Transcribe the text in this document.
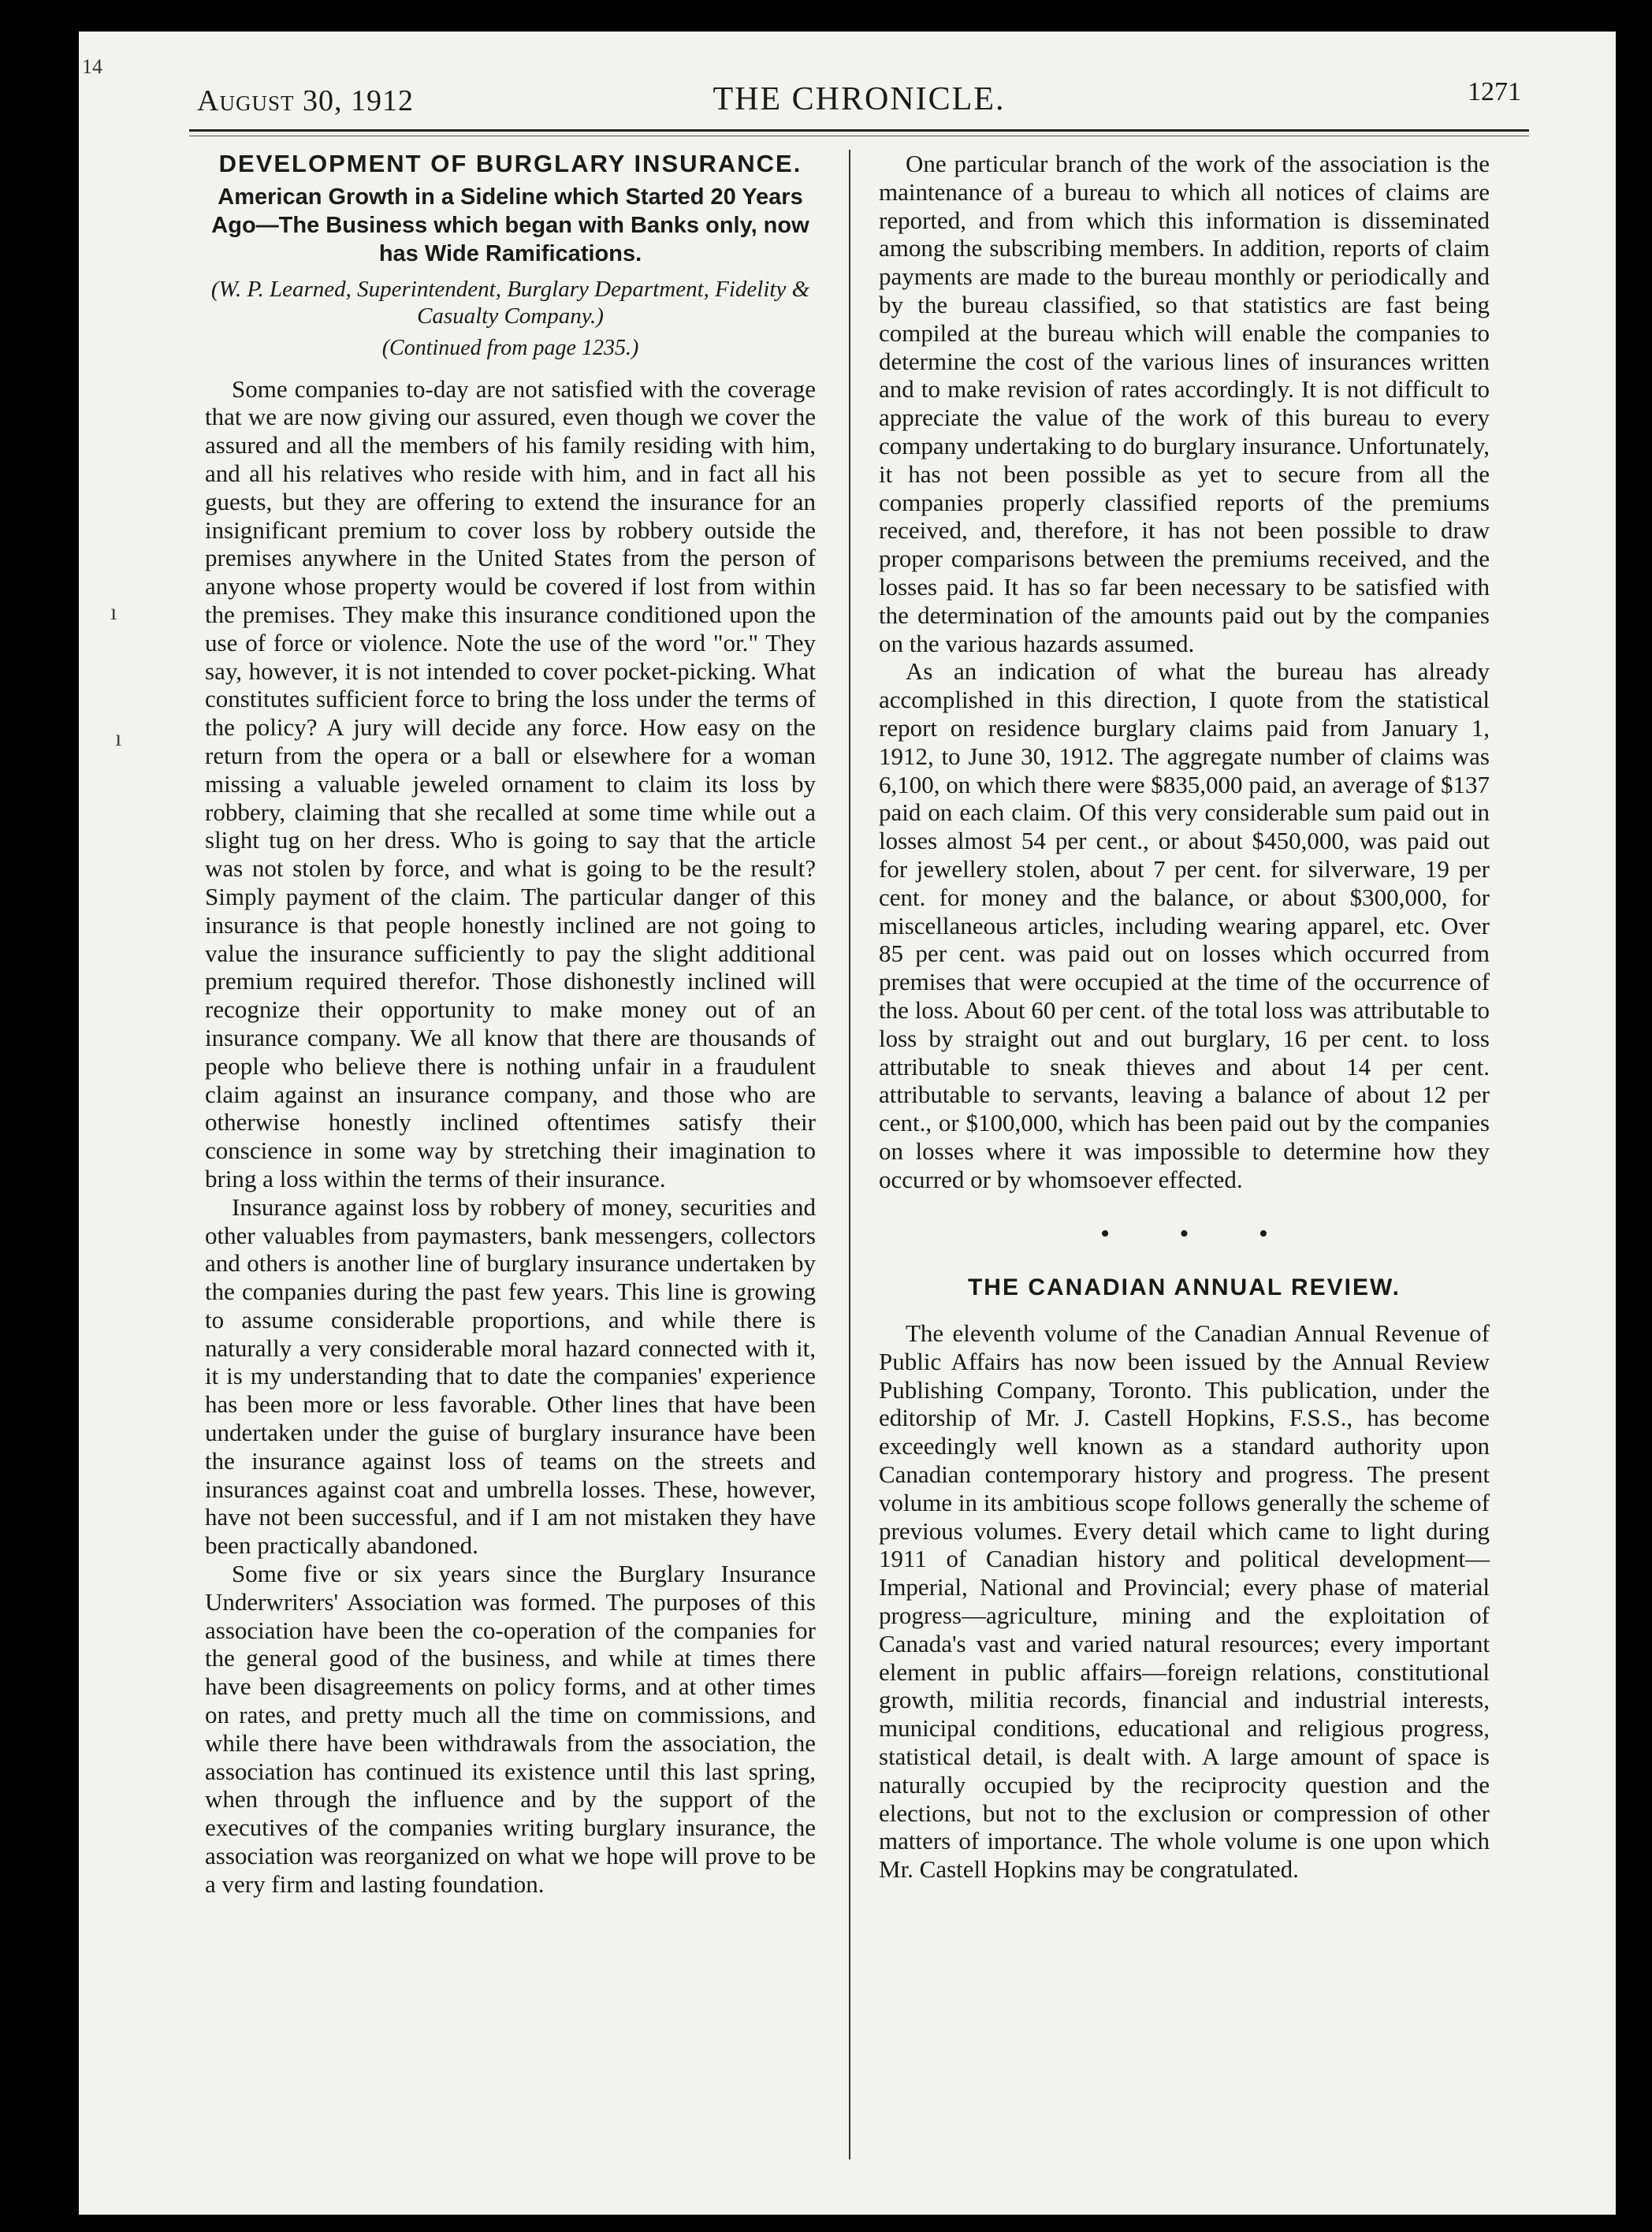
14
ı
ı
August 30, 1912	THE CHRONICLE.	1271
DEVELOPMENT OF BURGLARY INSURANCE.
American Growth in a Sideline which Started 20 Years Ago—The Business which began with Banks only, now has Wide Ramifications.
(W. P. Learned, Superintendent, Burglary Department, Fidelity & Casualty Company.)
(Continued from page 1235.)

Some companies to-day are not satisfied with the coverage that we are now giving our assured, even though we cover the assured and all the members of his family residing with him, and all his relatives who reside with him, and in fact all his guests, but they are offering to extend the insurance for an insignificant premium to cover loss by robbery outside the premises anywhere in the United States from the person of anyone whose property would be covered if lost from within the premises. They make this insurance conditioned upon the use of force or violence. Note the use of the word "or." They say, however, it is not intended to cover pocket-picking. What constitutes sufficient force to bring the loss under the terms of the policy? A jury will decide any force. How easy on the return from the opera or a ball or elsewhere for a woman missing a valuable jeweled ornament to claim its loss by robbery, claiming that she recalled at some time while out a slight tug on her dress. Who is going to say that the article was not stolen by force, and what is going to be the result? Simply payment of the claim. The particular danger of this insurance is that people honestly inclined are not going to value the insurance sufficiently to pay the slight additional premium required therefor. Those dishonestly inclined will recognize their opportunity to make money out of an insurance company. We all know that there are thousands of people who believe there is nothing unfair in a fraudulent claim against an insurance company, and those who are otherwise honestly inclined oftentimes satisfy their conscience in some way by stretching their imagination to bring a loss within the terms of their insurance.

Insurance against loss by robbery of money, securities and other valuables from paymasters, bank messengers, collectors and others is another line of burglary insurance undertaken by the companies during the past few years. This line is growing to assume considerable proportions, and while there is naturally a very considerable moral hazard connected with it, it is my understanding that to date the companies' experience has been more or less favorable. Other lines that have been undertaken under the guise of burglary insurance have been the insurance against loss of teams on the streets and insurances against coat and umbrella losses. These, however, have not been successful, and if I am not mistaken they have been practically abandoned.

Some five or six years since the Burglary Insurance Underwriters' Association was formed. The purposes of this association have been the co-operation of the companies for the general good of the business, and while at times there have been disagreements on policy forms, and at other times on rates, and pretty much all the time on commissions, and while there have been withdrawals from the association, the association has continued its existence until this last spring, when through the influence and by the support of the executives of the companies writing burglary insurance, the association was reorganized on what we hope will prove to be a very firm and lasting foundation.

One particular branch of the work of the association is the maintenance of a bureau to which all notices of claims are reported, and from which this information is disseminated among the subscribing members. In addition, reports of claim payments are made to the bureau monthly or periodically and by the bureau classified, so that statistics are fast being compiled at the bureau which will enable the companies to determine the cost of the various lines of insurances written and to make revision of rates accordingly. It is not difficult to appreciate the value of the work of this bureau to every company undertaking to do burglary insurance. Unfortunately, it has not been possible as yet to secure from all the companies properly classified reports of the premiums received, and, therefore, it has not been possible to draw proper comparisons between the premiums received, and the losses paid. It has so far been necessary to be satisfied with the determination of the amounts paid out by the companies on the various hazards assumed.

As an indication of what the bureau has already accomplished in this direction, I quote from the statistical report on residence burglary claims paid from January 1, 1912, to June 30, 1912. The aggregate number of claims was 6,100, on which there were $835,000 paid, an average of $137 paid on each claim. Of this very considerable sum paid out in losses almost 54 per cent., or about $450,000, was paid out for jewellery stolen, about 7 per cent. for silverware, 19 per cent. for money and the balance, or about $300,000, for miscellaneous articles, including wearing apparel, etc. Over 85 per cent. was paid out on losses which occurred from premises that were occupied at the time of the occurrence of the loss. About 60 per cent. of the total loss was attributable to loss by straight out and out burglary, 16 per cent. to loss attributable to sneak thieves and about 14 per cent. attributable to servants, leaving a balance of about 12 per cent., or $100,000, which has been paid out by the companies on losses where it was impossible to determine how they occurred or by whomsoever effected.

• • •
THE CANADIAN ANNUAL REVIEW.

The eleventh volume of the Canadian Annual Revenue of Public Affairs has now been issued by the Annual Review Publishing Company, Toronto. This publication, under the editorship of Mr. J. Castell Hopkins, F.S.S., has become exceedingly well known as a standard authority upon Canadian contemporary history and progress. The present volume in its ambitious scope follows generally the scheme of previous volumes. Every detail which came to light during 1911 of Canadian history and political development—Imperial, National and Provincial; every phase of material progress—agriculture, mining and the exploitation of Canada's vast and varied natural resources; every important element in public affairs—foreign relations, constitutional growth, militia records, financial and industrial interests, municipal conditions, educational and religious progress, statistical detail, is dealt with. A large amount of space is naturally occupied by the reciprocity question and the elections, but not to the exclusion or compression of other matters of importance. The whole volume is one upon which Mr. Castell Hopkins may be congratulated.
